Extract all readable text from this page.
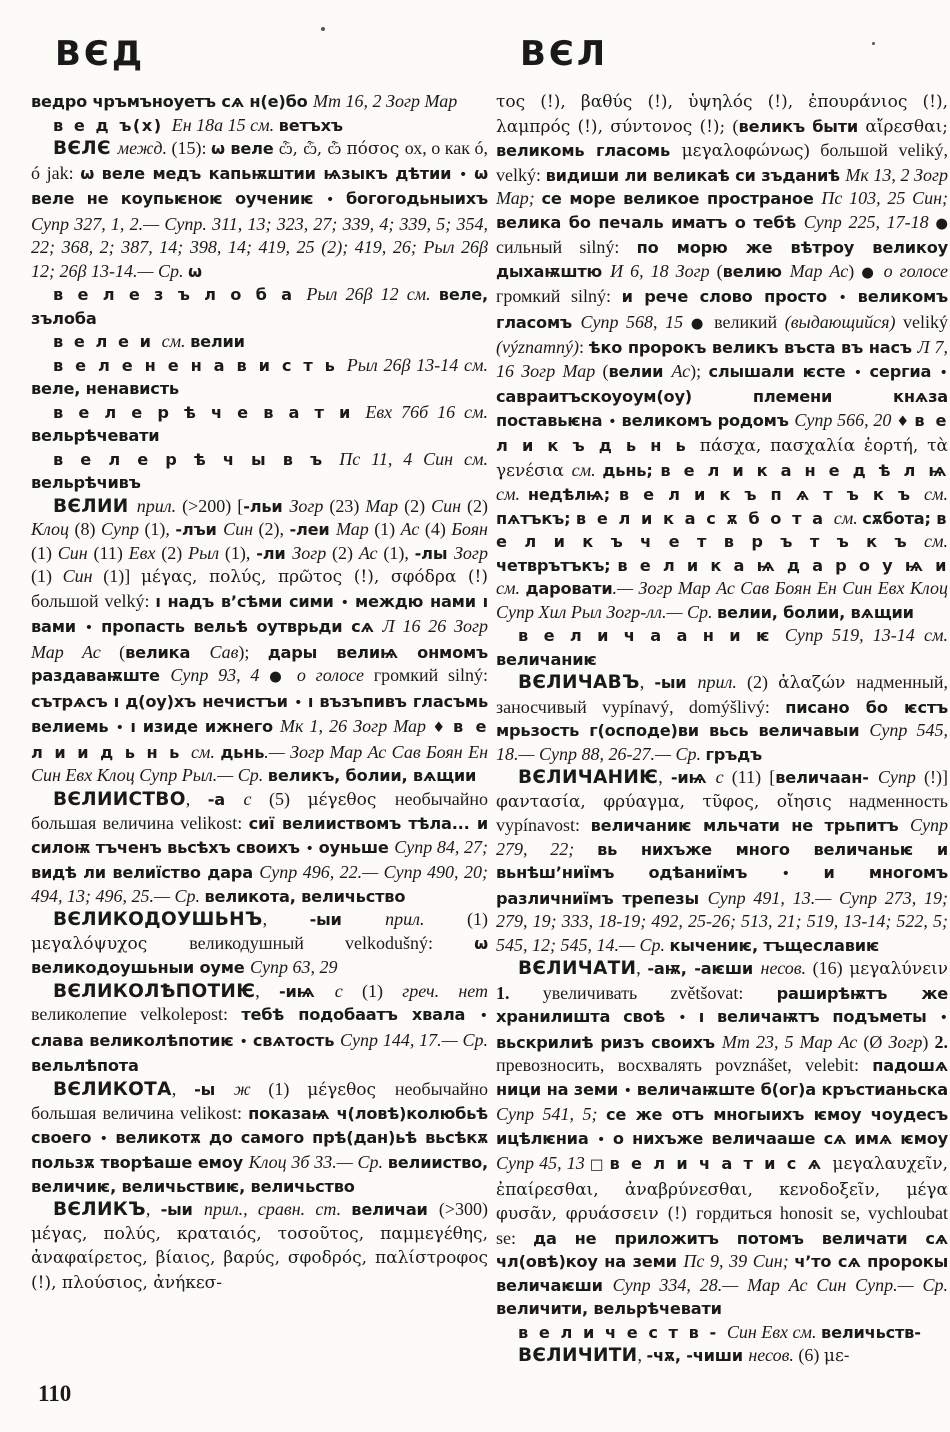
ВЄД

ведро чръмъноуетъ сѧ н(е)бо Мт 16, 2 Зогр Мар

в е д ъ(х) Ен 18а 15 см. ветъхъ

ВЄЛЄ межд. (15): ѡ веле ѽ, ѽ, ѽ πόσος ох, о как ó, ó jak: ѡ веле медъ капьѭштии ѩзыкъ дѣтии • ѡ веле не коупьѥноѥ оучениѥ • богогодьныихъ Супр 327, 1, 2.— Супр. 311, 13; 323, 27; 339, 4; 339, 5; 354, 22; 368, 2; 387, 14; 398, 14; 419, 25 (2); 419, 26; Рыл 26β 12; 26β 13-14.— Ср. ѡ

в е л е з ъ л о б а Рыл 26β 12 см. веле, зълоба

в е л е и см. велии

в е л е н е н а в и с т ь Рыл 26β 13-14 см. веле, ненависть

в е л е р ѣ ч е в а т и Евх 76б 16 см. вельрѣчевати

в е л е р ѣ ч ы в ъ Пс 11, 4 Син см. вельрѣчивъ

ВЄЛИИ прил. (>200) [-льи Зогр (23) Мар (2) Син (2) Клоц (8) Супр (1), -лъи Син (2), -леи Мар (1) Ас (4) Боян (1) Син (11) Евх (2) Рыл (1), -ли Зогр (2) Ас (1), -лы Зогр (1) Син (1)] μέγας, πολύς, πρῶτος (!), σφόδρα (!) большой velký: ı надъ в’сѣми сими • междю нами ı вами • пропасть вельѣ оутврьди сѧ Л 16 26 Зогр Мар Ас (велика Сав); дары велиѩ онмомъ раздаваѭште Супр 93, 4 ● о голосе громкий silný: сътрѧсъ ı д(оу)хъ нечистъи • ı възъпивъ гласъмь велиемь • ı изиде ижнего Мк 1, 26 Зогр Мар ♦ в е л и и д ь н ь см. дьнь.— Зогр Мар Ас Сав Боян Ен Син Евх Клоц Супр Рыл.— Ср. великъ, болии, вѧщии

ВЄЛИИСТВО, -а с (5) μέγεθος необычайно большая величина velikost: сиї велииствомъ тѣла... и силоѭ тъченъ вьсѣхъ своихъ • оуньше Супр 84, 27; видѣ ли велиїство дара Супр 496, 22.— Супр 490, 20; 494, 13; 496, 25.— Ср. великота, величьство

ВЄЛИКОДОУШЬНЪ, -ыи прил. (1) μεγαλόψυχος великодушный velkodušný: ѡ великодоушьныи оуме Супр 63, 29

ВЄЛИКОЛѢПОТИѤ, -иѩ с (1) греч. нет великолепие velkolepost: тебѣ подобаатъ хвала • слава великолѣпотиѥ • свѧтость Супр 144, 17.— Ср. вельлѣпота

ВЄЛИКОТА, -ы ж (1) μέγεθος необычайно большая величина velikost: показаѩ ч(ловѣ)колюбьѣ своего • великотѫ до самого прѣ(дан)ьѣ вьсѣкѫ пользѫ творѣаше емоу Клоц 3б 33.— Ср. велииство, величиѥ, величьствиѥ, величьство

ВЄЛИКЪ, -ыи прил., сравн. ст. величаи (>300) μέγας, πολύς, κραταιός, τοσοῦτος, παμμεγέθης, ἀναφαίρετος, βίαιος, βαρύς, σφοδρός, παλίστροφος (!), πλούσιος, ἀνήκεσ-

ВЄЛ

τος (!), βαθύς (!), ὑψηλός (!), ἐπουράνιος (!), λαμπρός (!), σύντονος (!); (великъ быти αἴρεσθαι; великомь гласомь μεγαλοφώνως) большой veliký, velký: видиши ли великаѣ си зъданиѣ Мк 13, 2 Зогр Мар; се море великое пространое Пс 103, 25 Син; велика бо печаль иматъ о тебѣ Супр 225, 17-18 ● сильный silný: по морю же вѣтроу великоу дыхаѭштю И 6, 18 Зогр (велию Мар Ас) ● о голосе громкий silný: и рече слово просто • великомъ гласомъ Супр 568, 15 ● великий (выдающийся) veliký (významný): ѣко пророкъ великъ въста въ насъ Л 7, 16 Зогр Мар (велии Ас); слышали ѥсте • сергиа • савраитъскоуоум(оу) племени кнѧза поставьѥна • великомъ родомъ Супр 566, 20 ♦ в е л и к ъ д ь н ь πάσχα, πασχαλία ἑορτή, τὰ γενέσια см. дьнь; в е л и к а н е д ѣ л ѩ см. недѣлѩ; в е л и к ъ п ѧ т ъ к ъ см. пѧтъкъ; в е л и к а с ѫ б о т а см. сѫбота; в е л и к ъ ч е т в р ъ т ъ к ъ см. четврътъкъ; в е л и к а ѩ д а р о у ѩ и см. даровати.— Зогр Мар Ас Сав Боян Ен Син Евх Клоц Супр Хил Рыл Зогр-лл.— Ср. велии, болии, вѧщии

в е л и ч а а н и ѥ Супр 519, 13-14 см. величаниѥ

ВЄЛИЧАВЪ, -ыи прил. (2) ἀλαζών надменный, заносчивый vypínavý, domýšlivý: писано бо ѥстъ мрьзость г(осподе)ви вьсь величавыи Супр 545, 18.— Супр 88, 26-27.— Ср. гръдъ

ВЄЛИЧАНИѤ, -иѩ с (11) [величаан- Супр (!)] φαντασία, φρύαγμα, τῦφος, οἴησις надменность vypínavost: величаниѥ мльчати не трьпитъ Супр 279, 22; вь нихъже много величаньѥ и вьнѣш’ниїмъ одѣаниїмъ • и многомъ различниїмъ трепезы Супр 491, 13.— Супр 273, 19; 279, 19; 333, 18-19; 492, 25-26; 513, 21; 519, 13-14; 522, 5; 545, 12; 545, 14.— Ср. кычениѥ, тъщеславиѥ

ВЄЛИЧАТИ, -аѭ, -аѥши несов. (16) μεγαλύνειν 1. увеличивать zvětšovat: раширѣѭтъ же хранилишта своѣ • ı величаѭтъ подъметы • вьскрилиѣ ризъ своихъ Мт 23, 5 Мар Ас (Ø Зогр) 2. превозносить, восхвалять povznášet, velebit: падошѧ ници на земи • величаѭште б(ог)а кръстианьска Супр 541, 5; се же отъ многыихъ ѥмоу чоудесъ ицѣлѥниа • о нихъже величааше сѧ имѧ ѥмоу Супр 45, 13 □ в е л и ч а т и с ѧ μεγαλαυχεῖν, ἐπαίρεσθαι, ἀναβρύνεσθαι, κενοδοξεῖν, μέγα φυσᾶν, φρυάσσειν (!) гордиться honosit se, vychloubat se: да не приложитъ потомъ величати сѧ чл(овѣ)коу на земи Пс 9, 39 Син; ч’то сѧ пророкы величаѥши Супр 334, 28.— Мар Ас Син Супр.— Ср. величити, вельрѣчевати

в е л и ч е с т в - Син Евх см. величьств-

ВЄЛИЧИТИ, -чѫ, -чиши несов. (6) με-

110
